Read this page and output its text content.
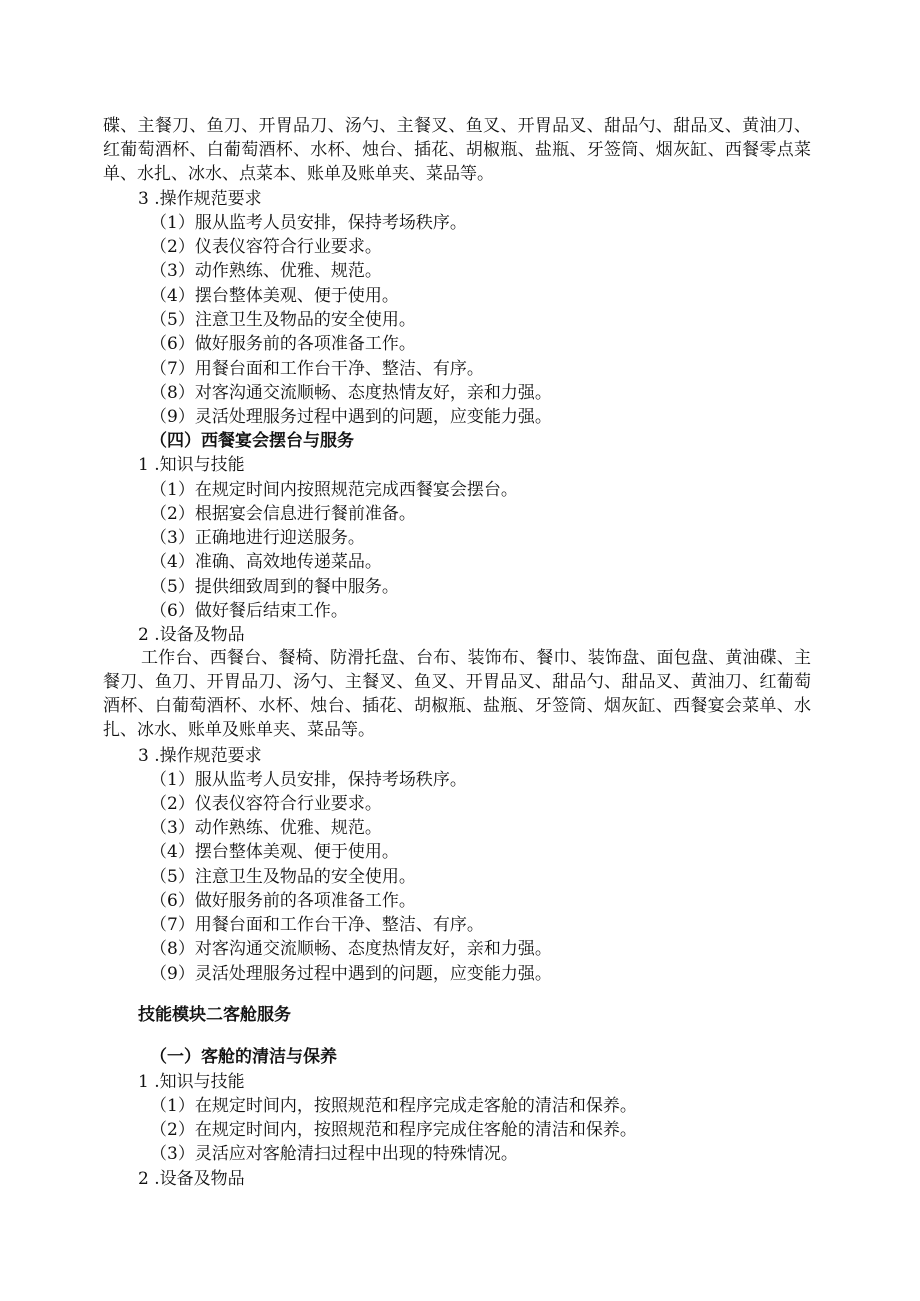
碟、主餐刀、鱼刀、开胃品刀、汤勺、主餐叉、鱼叉、开胃品叉、甜品勺、甜品叉、黄油刀、红葡萄酒杯、白葡萄酒杯、水杯、烛台、插花、胡椒瓶、盐瓶、牙签筒、烟灰缸、西餐零点菜单、水扎、冰水、点菜本、账单及账单夹、菜品等。
3 .操作规范要求
（1）服从监考人员安排，保持考场秩序。
（2）仪表仪容符合行业要求。
（3）动作熟练、优雅、规范。
（4）摆台整体美观、便于使用。
（5）注意卫生及物品的安全使用。
（6）做好服务前的各项准备工作。
（7）用餐台面和工作台干净、整洁、有序。
（8）对客沟通交流顺畅、态度热情友好，亲和力强。
（9）灵活处理服务过程中遇到的问题，应变能力强。
（四）西餐宴会摆台与服务
1 .知识与技能
（1）在规定时间内按照规范完成西餐宴会摆台。
（2）根据宴会信息进行餐前准备。
（3）正确地进行迎送服务。
（4）准确、高效地传递菜品。
（5）提供细致周到的餐中服务。
（6）做好餐后结束工作。
2 .设备及物品
工作台、西餐台、餐椅、防滑托盘、台布、装饰布、餐巾、装饰盘、面包盘、黄油碟、主餐刀、鱼刀、开胃品刀、汤勺、主餐叉、鱼叉、开胃品叉、甜品勺、甜品叉、黄油刀、红葡萄酒杯、白葡萄酒杯、水杯、烛台、插花、胡椒瓶、盐瓶、牙签筒、烟灰缸、西餐宴会菜单、水扎、冰水、账单及账单夹、菜品等。
3 .操作规范要求
（1）服从监考人员安排，保持考场秩序。
（2）仪表仪容符合行业要求。
（3）动作熟练、优雅、规范。
（4）摆台整体美观、便于使用。
（5）注意卫生及物品的安全使用。
（6）做好服务前的各项准备工作。
（7）用餐台面和工作台干净、整洁、有序。
（8）对客沟通交流顺畅、态度热情友好，亲和力强。
（9）灵活处理服务过程中遇到的问题，应变能力强。
技能模块二客舱服务
（一）客舱的清洁与保养
1 .知识与技能
（1）在规定时间内，按照规范和程序完成走客舱的清洁和保养。
（2）在规定时间内，按照规范和程序完成住客舱的清洁和保养。
（3）灵活应对客舱清扫过程中出现的特殊情况。
2 .设备及物品
